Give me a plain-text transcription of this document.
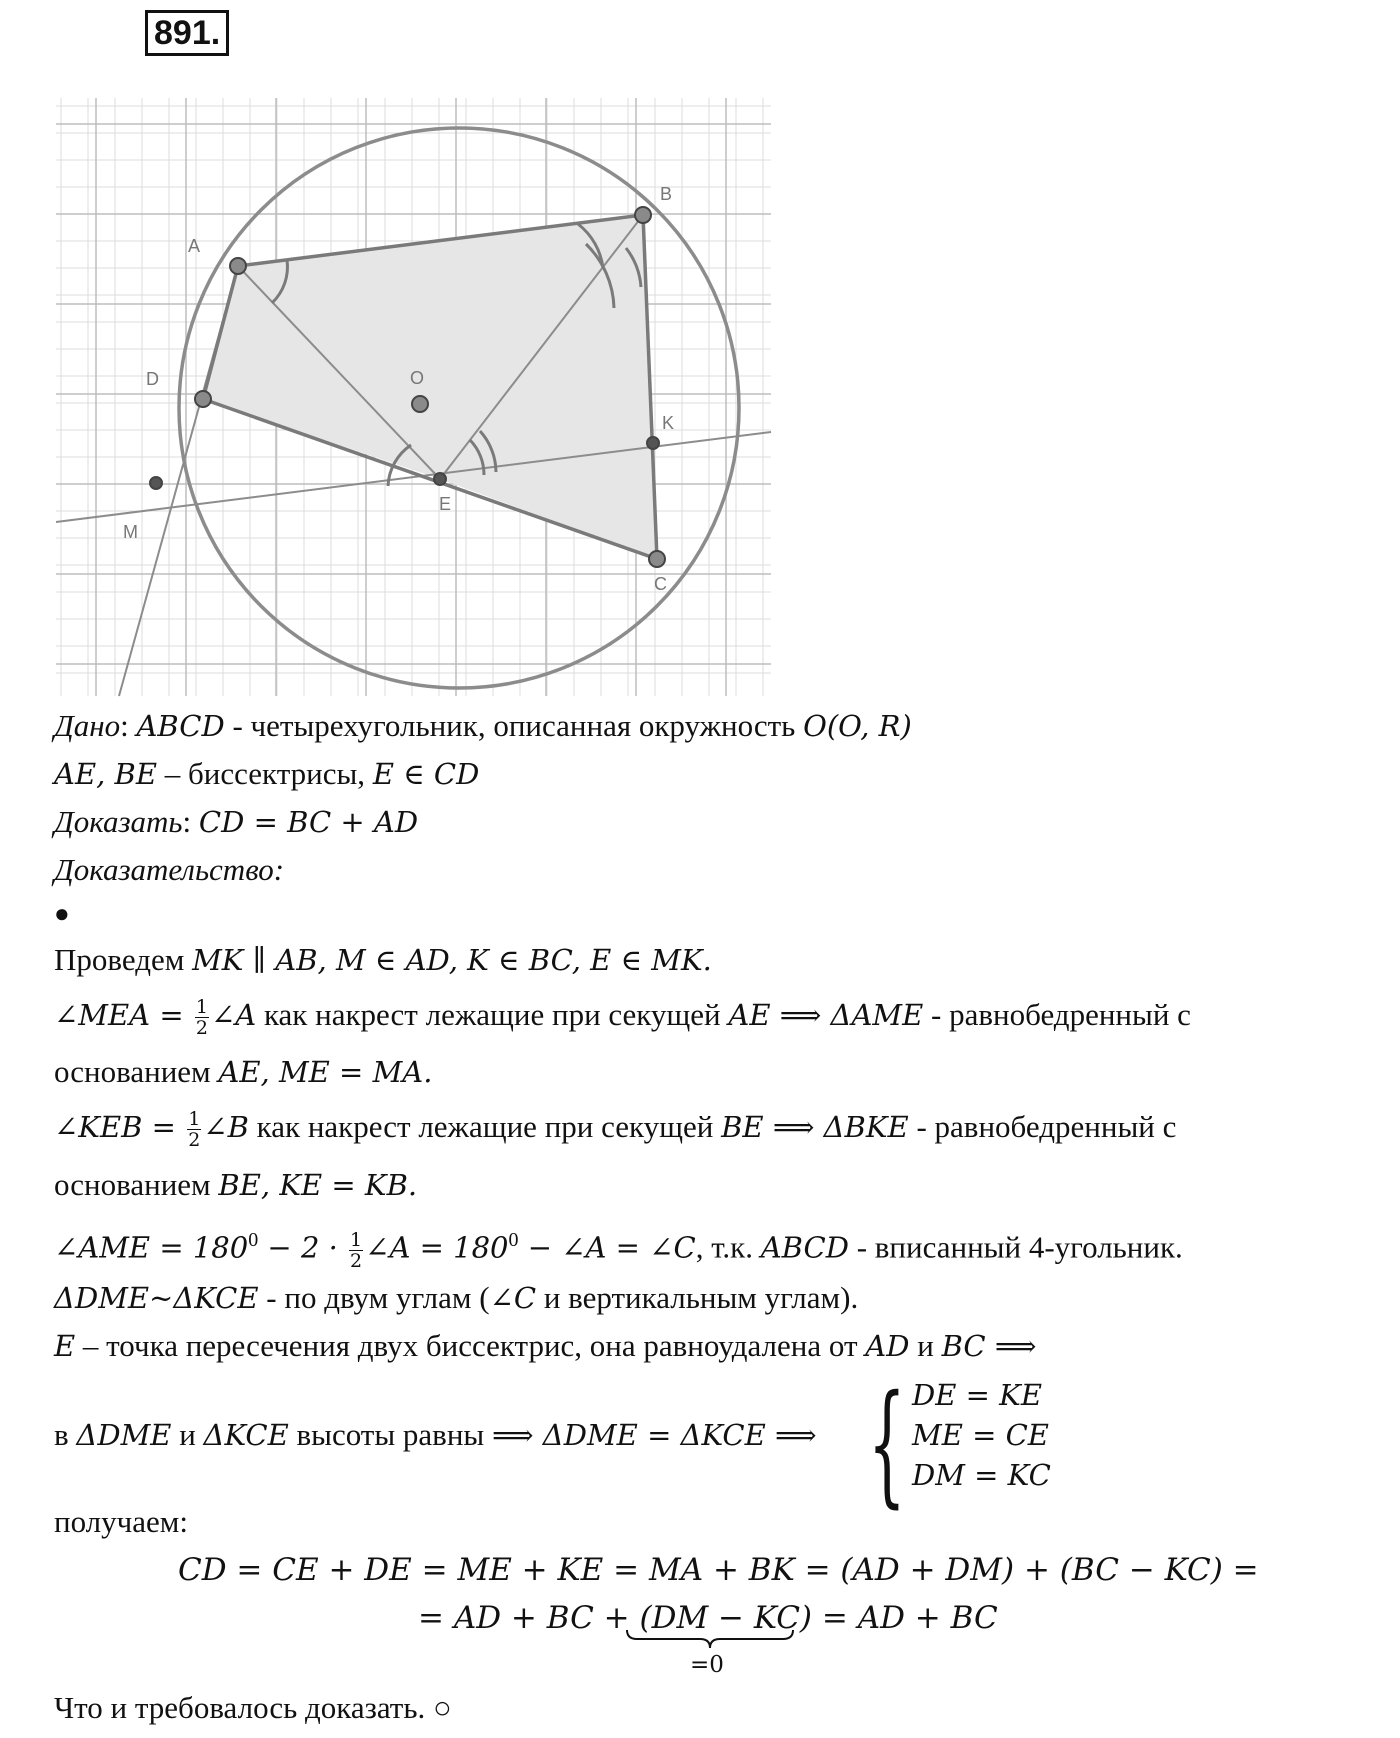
891.
A
B
C
D
E
O
K
M
Дано: ABCD - четырехугольник, описанная окружность O(O, R)
AE, BE – биссектрисы, E ∈ CD
Доказать: CD = BC + AD
Доказательство:
●
Проведем MK ∥ AB, M ∈ AD, K ∈ BC, E ∈ MK.
∠MEA = $\frac{1}{2}$ ∠A как накрест лежащие при секущей AE ⟹ ΔAME - равнобедренный с
основанием AE, ME = MA.
∠KEB = $\frac{1}{2}$ ∠B как накрест лежащие при секущей BE ⟹ ΔBKE - равнобедренный с
основанием BE, KE = KB.
∠AME = $180^0 - 2 \cdot \frac{1}{2}$ ∠A = $180^0$ − ∠A = ∠C, т.к. ABCD - вписанный 4-угольник.
ΔDME~ΔKCE - по двум углам (∠C и вертикальным углам).
E – точка пересечения двух биссектрис, она равноудалена от AD и BC ⟹
в ΔDME и ΔKCE высоты равны ⟹ ΔDME = ΔKCE ⟹ { DE = KE
ME = CE
DM = KC
получаем:
CD = CE + DE = ME + KE = MA + BK = (AD + DM) + (BC − KC) =
= AD + BC + (DM − KC) = AD + BC
=0
Что и требовалось доказать. ○
